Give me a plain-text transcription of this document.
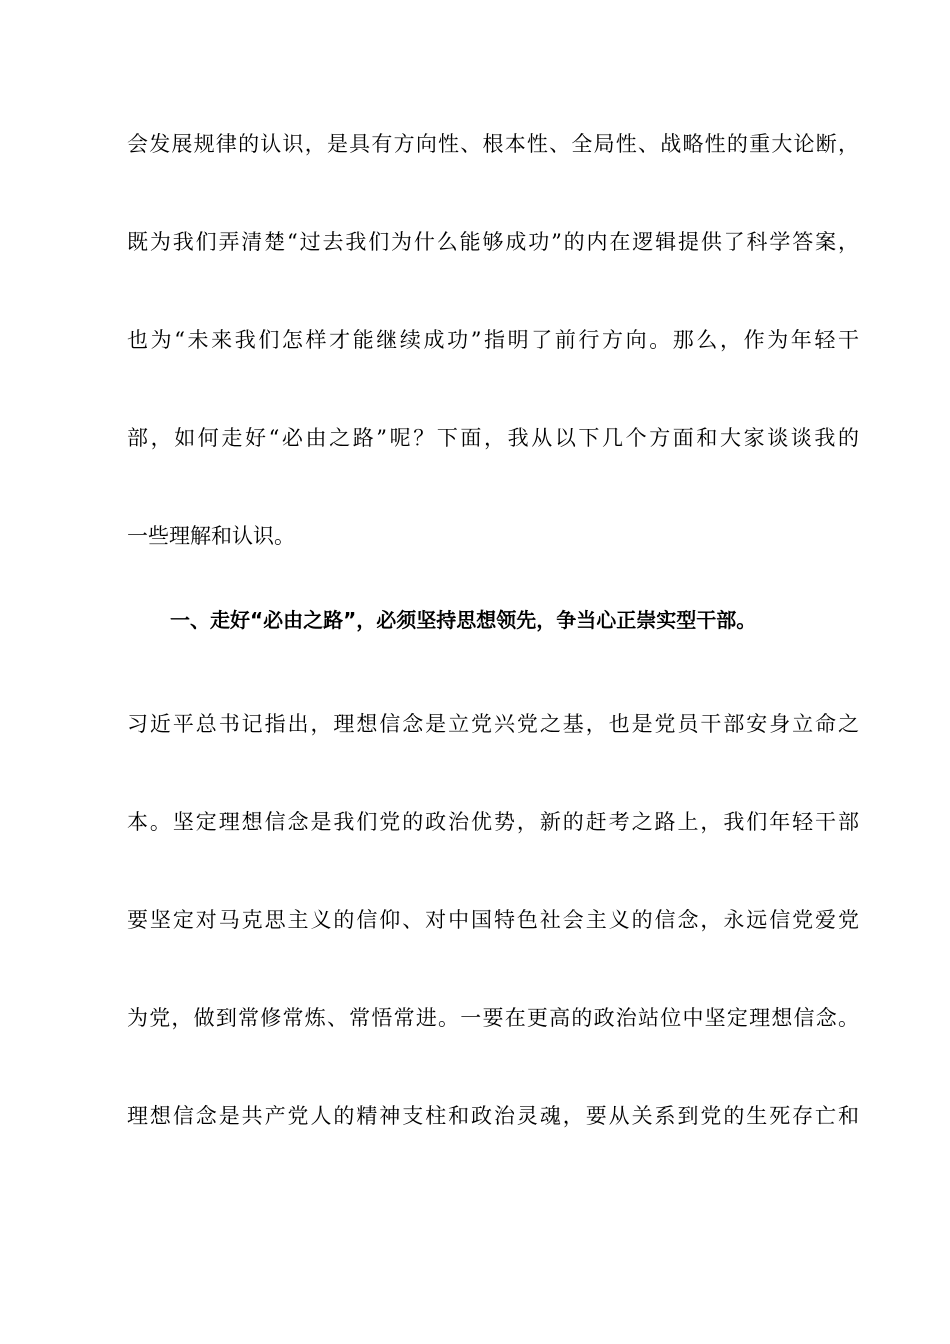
会发展规律的认识，是具有方向性、根本性、全局性、战略性的重大论断，
既为我们弄清楚“过去我们为什么能够成功”的内在逻辑提供了科学答案，
也为“未来我们怎样才能继续成功”指明了前行方向。那么，作为年轻干
部，如何走好“必由之路”呢？下面，我从以下几个方面和大家谈谈我的
一些理解和认识。
一、走好“必由之路”，必须坚持思想领先，争当心正崇实型干部。
习近平总书记指出，理想信念是立党兴党之基，也是党员干部安身立命之
本。坚定理想信念是我们党的政治优势，新的赶考之路上，我们年轻干部
要坚定对马克思主义的信仰、对中国特色社会主义的信念，永远信党爱党
为党，做到常修常炼、常悟常进。一要在更高的政治站位中坚定理想信念。
理想信念是共产党人的精神支柱和政治灵魂，要从关系到党的生死存亡和
